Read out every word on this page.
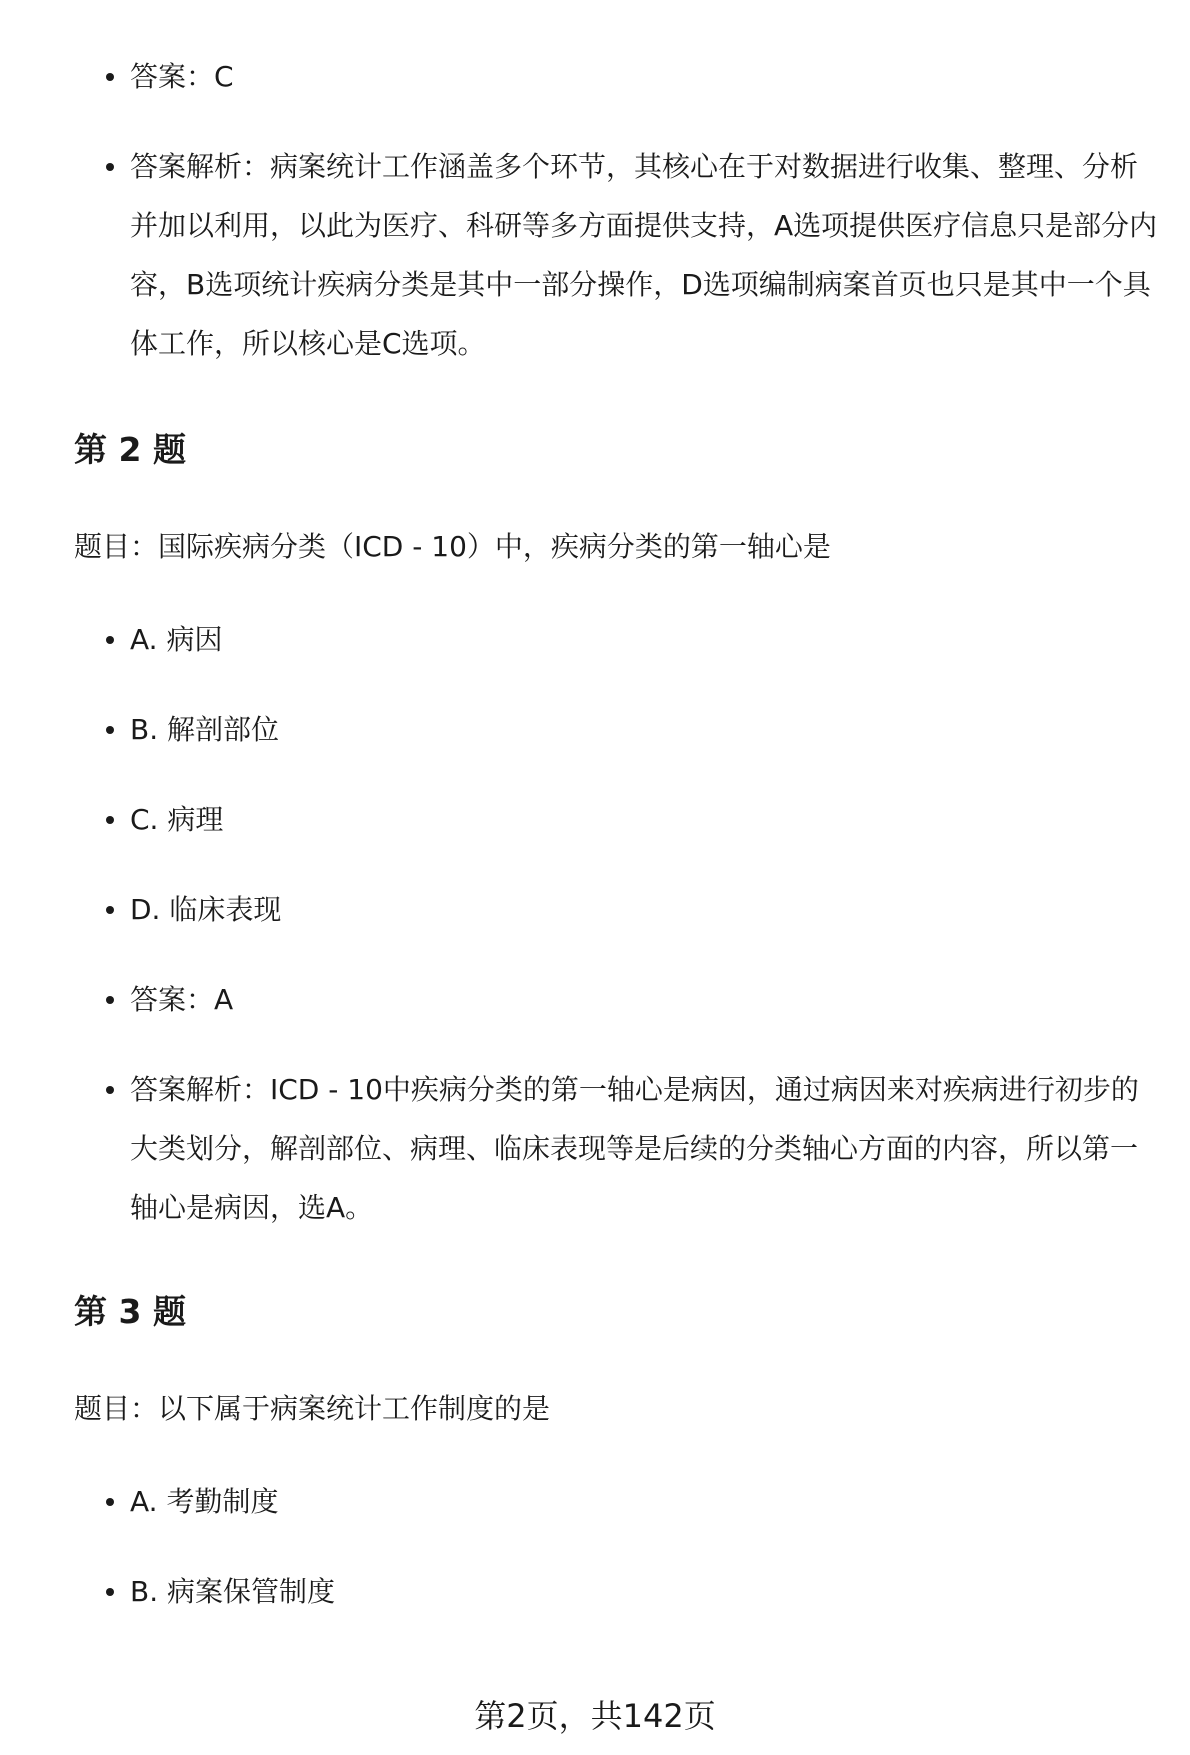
答案：C
答案解析：病案统计工作涵盖多个环节，其核心在于对数据进行收集、整理、分析并加以利用，以此为医疗、科研等多方面提供支持，A选项提供医疗信息只是部分内容，B选项统计疾病分类是其中一部分操作，D选项编制病案首页也只是其中一个具体工作，所以核心是C选项。
第 2 题
题目：国际疾病分类（ICD - 10）中，疾病分类的第一轴心是
A. 病因
B. 解剖部位
C. 病理
D. 临床表现
答案：A
答案解析：ICD - 10中疾病分类的第一轴心是病因，通过病因来对疾病进行初步的大类划分，解剖部位、病理、临床表现等是后续的分类轴心方面的内容，所以第一轴心是病因，选A。
第 3 题
题目：以下属于病案统计工作制度的是
A. 考勤制度
B. 病案保管制度
第2页，共142页
